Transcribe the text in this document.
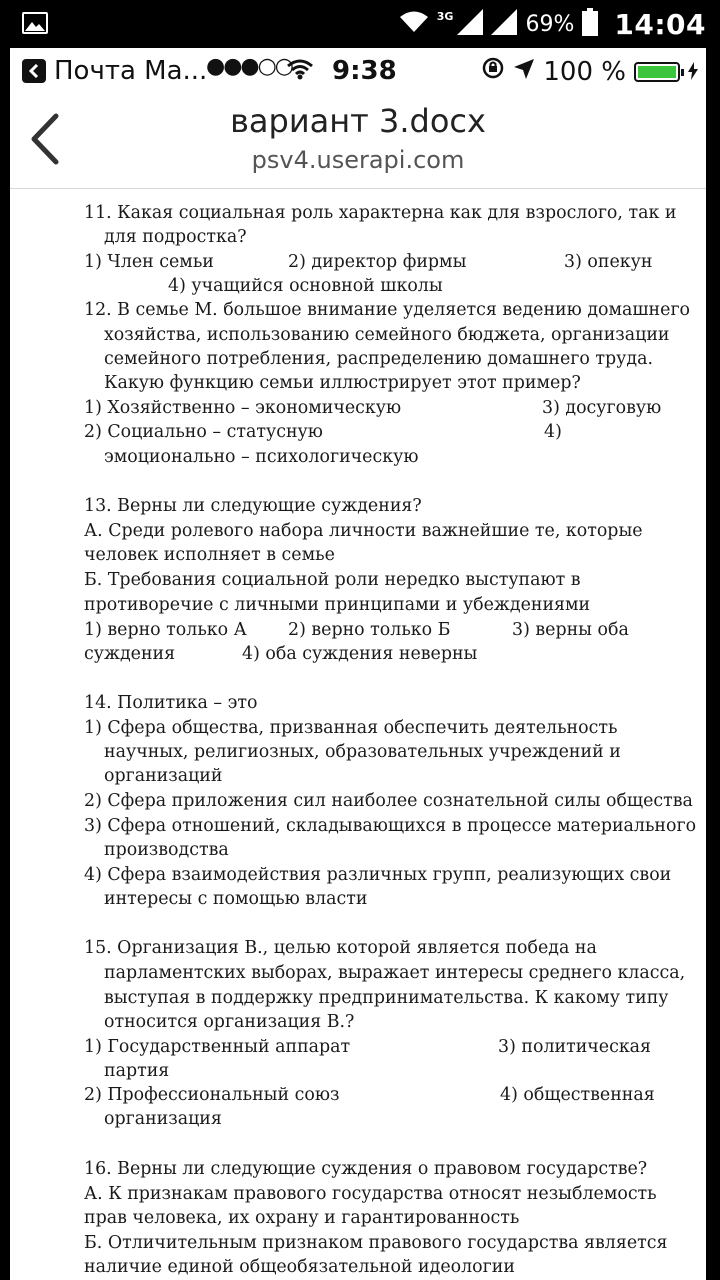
3G	69% 14:04
Почта Ма...
●●●○○ 9:38	100 %
вариант 3.docx
psv4.userapi.com
11. Какая социальная роль характерна как для взрослого, так и
для подростка?
1) Член семьи	2) директор фирмы	3) опекун
4) учащийся основной школы
12. В семье М. большое внимание уделяется ведению домашнего
хозяйства, использованию семейного бюджета, организации
семейного потребления, распределению домашнего труда.
Какую функцию семьи иллюстрирует этот пример?
1) Хозяйственно – экономическую	3) досуговую
2) Социально – статусную	4)
эмоционально – психологическую
13. Верны ли следующие суждения?
А. Среди ролевого набора личности важнейшие те, которые
человек исполняет в семье
Б. Требования социальной роли нередко выступают в
противоречие с личными принципами и убеждениями
1) верно только А 2) верно только Б	3) верны оба
суждения	4) оба суждения неверны
14. Политика – это
1) Сфера общества, призванная обеспечить деятельность
научных, религиозных, образовательных учреждений и
организаций
2) Сфера приложения сил наиболее сознательной силы общества
3) Сфера отношений, складывающихся в процессе материального
производства
4) Сфера взаимодействия различных групп, реализующих свои
интересы с помощью власти
15. Организация В., целью которой является победа на
парламентских выборах, выражает интересы среднего класса,
выступая в поддержку предпринимательства. К какому типу
относится организация В.?
1) Государственный аппарат	3) политическая
партия
2) Профессиональный союз	4) общественная
организация
16. Верны ли следующие суждения о правовом государстве?
А. К признакам правового государства относят незыблемость
прав человека, их охрану и гарантированность
Б. Отличительным признаком правового государства является
наличие единой общеобязательной идеологии
